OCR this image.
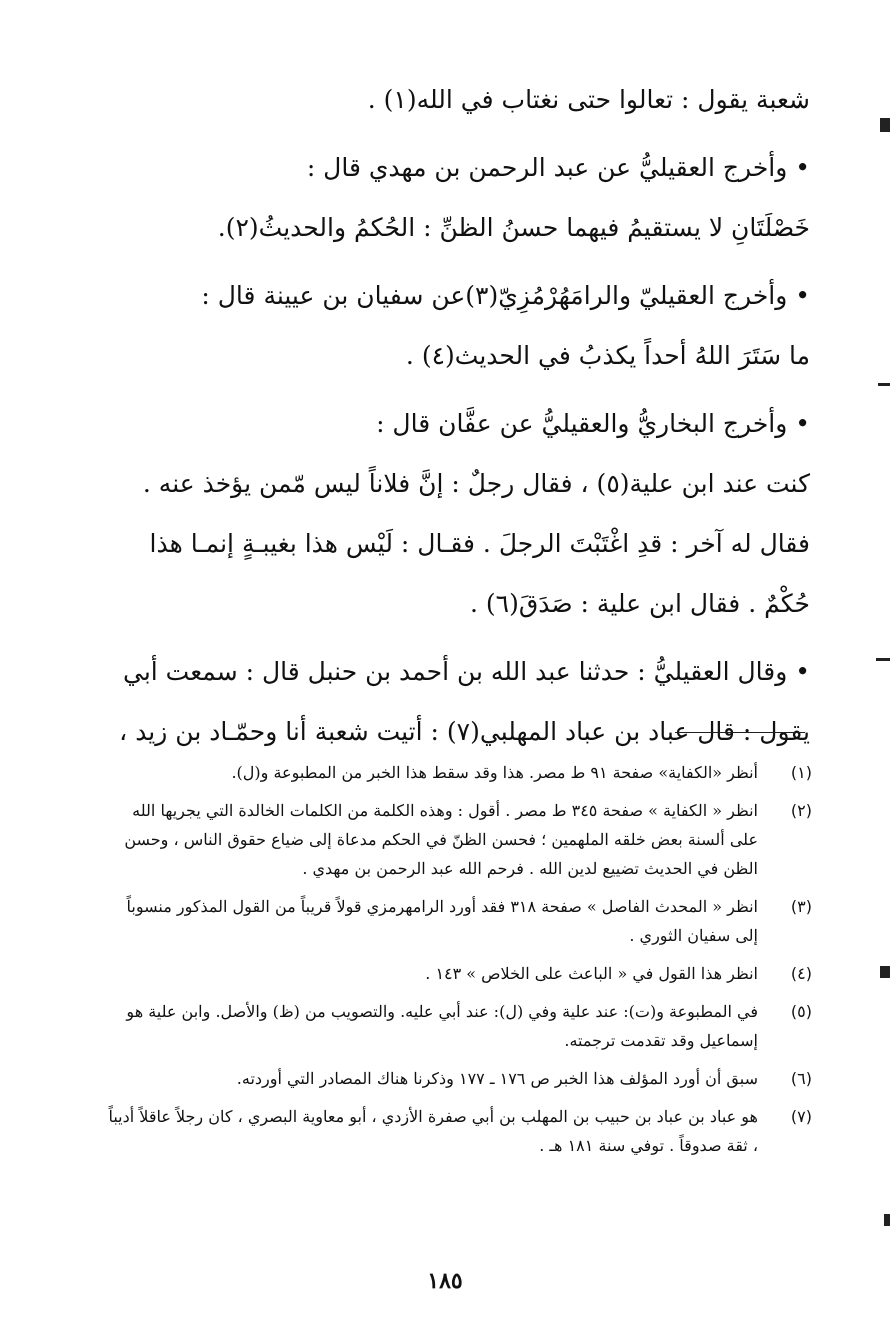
شعبة يقول : تعالوا حتى نغتاب في الله(١) .

• وأخرج العقيليُّ عن عبد الرحمن بن مهدي قال :

خَصْلَتَانِ لا يستقيمُ فيهما حسنُ الظنِّ : الحُكمُ والحديثُ(٢).

• وأخرج العقيليّ والرامَهُرْمُزِيّ(٣)عن سفيان بن عيينة قال :

ما سَتَرَ اللهُ أحداً يكذبُ في الحديث(٤) .

• وأخرج البخاريُّ والعقيليُّ عن عفَّان قال :

كنت عند ابن علية(٥) ، فقال رجلٌ : إنَّ فلاناً ليس مّمن يؤخذ عنه .

فقال له آخر : قدِ اغْتَبْتَ الرجلَ . فقـال : لَيْس هذا بغيبـةٍ إنمـا هذا

حُكْمٌ . فقال ابن علية : صَدَقَ(٦) .

• وقال العقيليُّ : حدثنا عبد الله بن أحمد بن حنبل قال : سمعت أبي

يقول : قال عباد بن عباد المهلبي(٧) : أتيت شعبة أنا وحمّـاد بن زيد ،

(١)
أنظر «الكفاية» صفحة ٩١ ط مصر. هذا وقد سقط هذا الخبر من المطبوعة و(ل).
(٢)
انظر « الكفاية » صفحة ٣٤٥ ط مصر . أقول : وهذه الكلمة من الكلمات الخالدة التي يجريها الله على ألسنة بعض خلقه الملهمين ؛ فحسن الظنّ في الحكم مدعاة إلى ضياع حقوق الناس ، وحسن الظن في الحديث تضييع لدين الله . فرحم الله عبد الرحمن بن مهدي .
(٣)
انظر « المحدث الفاصل » صفحة ٣١٨ فقد أورد الرامهرمزي قولاً قريباً من القول المذكور منسوباً إلى سفيان الثوري .
(٤)
انظر هذا القول في « الباعث على الخلاص » ١٤٣ .
(٥)
في المطبوعة و(ت): عند علية وفي (ل): عند أبي عليه. والتصويب من (ظ) والأصل. وابن علية هو إسماعيل وقد تقدمت ترجمته.
(٦)
سبق أن أورد المؤلف هذا الخبر ص ١٧٦ ـ ١٧٧ وذكرنا هناك المصادر التي أوردته.
(٧)
هو عباد بن عباد بن حبيب بن المهلب بن أبي صفرة الأزدي ، أبو معاوية البصري ، كان رجلاً عاقلاً أديباً ، ثقة صدوقاً . توفي سنة ١٨١ هـ .
١٨٥
